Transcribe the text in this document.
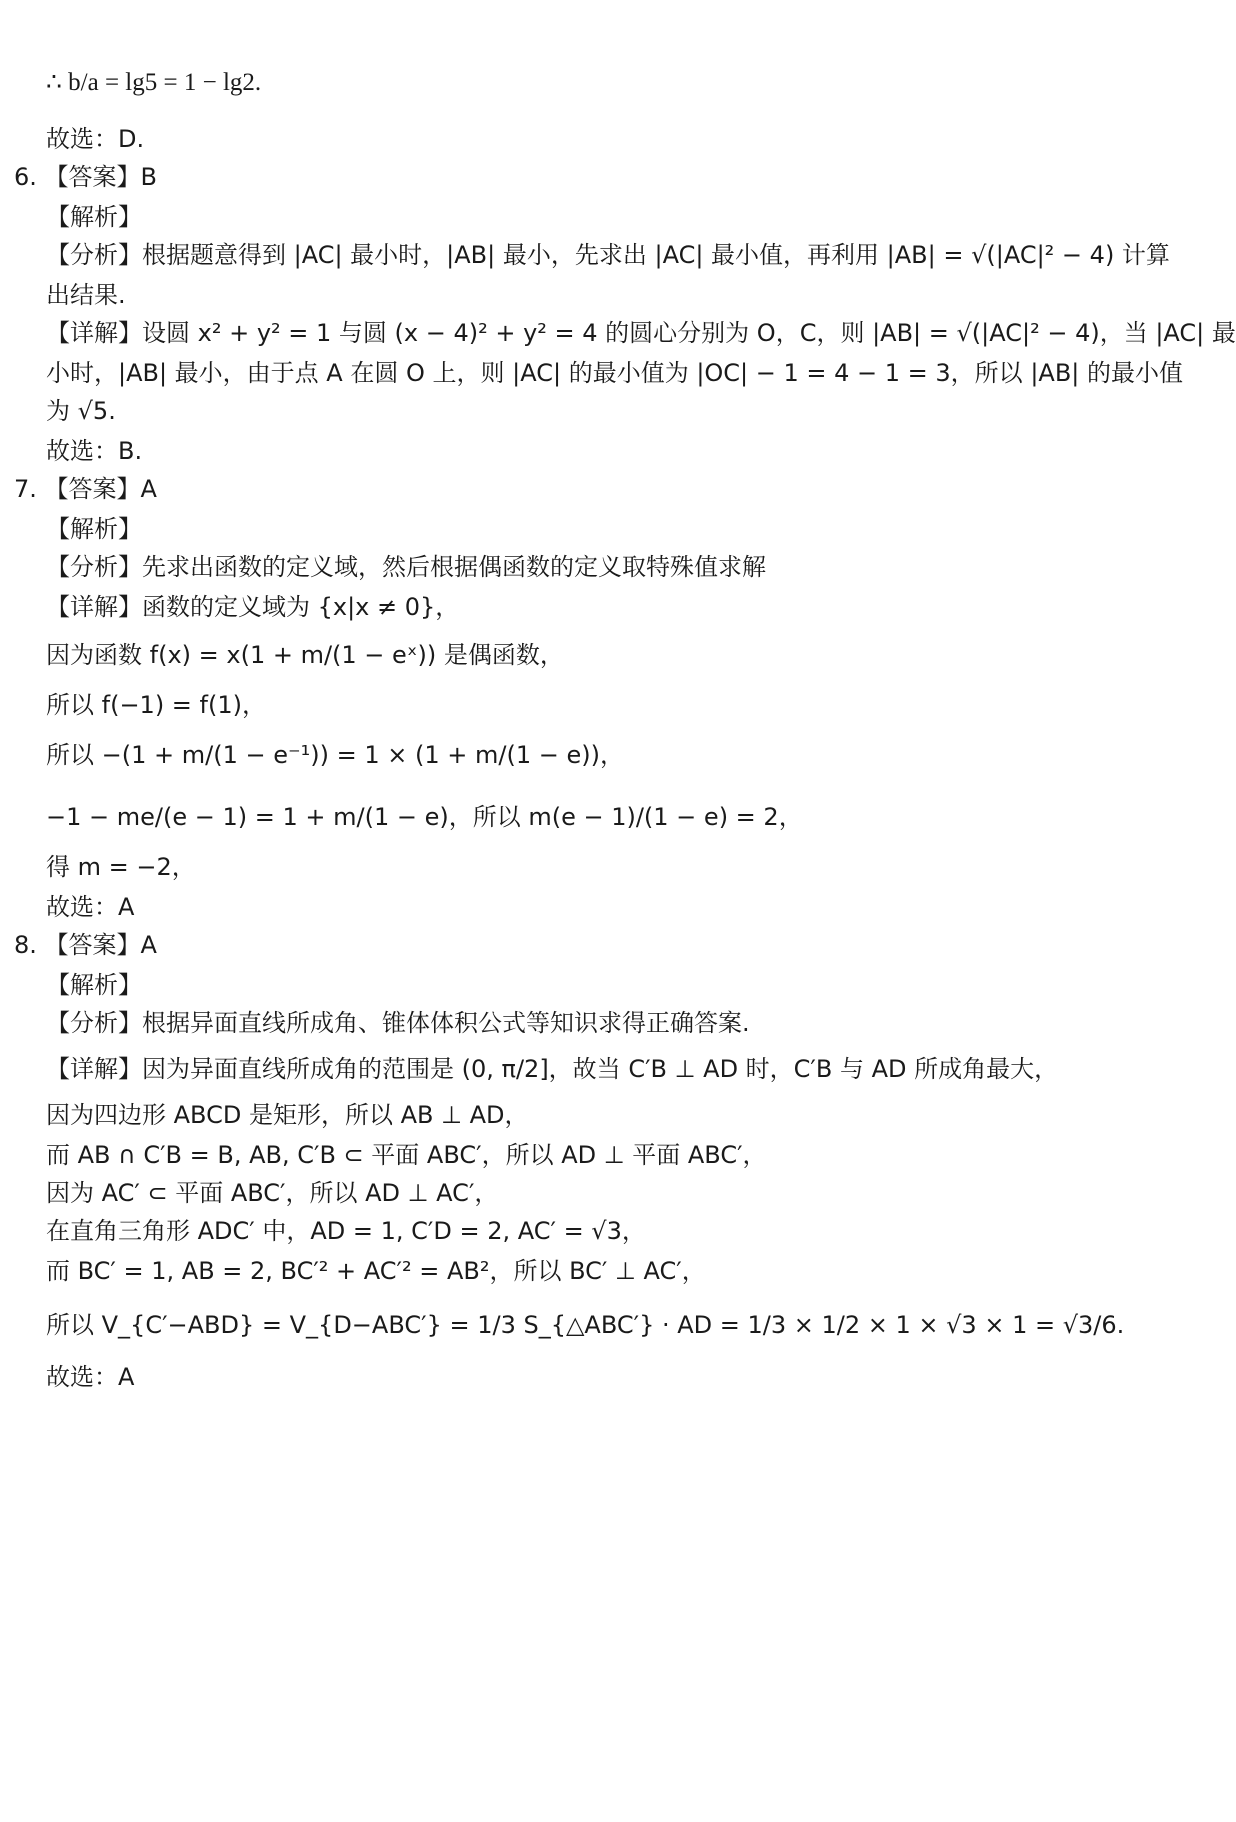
∴ b/a = lg5 = 1 − lg2.
故选：D.
6. 【答案】B
【解析】
【分析】根据题意得到 |AC| 最小时，|AB| 最小，先求出 |AC| 最小值，再利用 |AB| = √(|AC|² − 4) 计算
出结果.
【详解】设圆 x² + y² = 1 与圆 (x − 4)² + y² = 4 的圆心分别为 O，C，则 |AB| = √(|AC|² − 4)，当 |AC| 最
小时，|AB| 最小，由于点 A 在圆 O 上，则 |AC| 的最小值为 |OC| − 1 = 4 − 1 = 3，所以 |AB| 的最小值
为 √5.
故选：B.
7. 【答案】A
【解析】
【分析】先求出函数的定义域，然后根据偶函数的定义取特殊值求解
【详解】函数的定义域为 {x|x ≠ 0}，
因为函数 f(x) = x(1 + m/(1 − eˣ)) 是偶函数，
所以 f(−1) = f(1)，
所以 −(1 + m/(1 − e⁻¹)) = 1 × (1 + m/(1 − e))，
−1 − me/(e − 1) = 1 + m/(1 − e)，所以 m(e − 1)/(1 − e) = 2，
得 m = −2，
故选：A
8. 【答案】A
【解析】
【分析】根据异面直线所成角、锥体体积公式等知识求得正确答案.
【详解】因为异面直线所成角的范围是 (0, π/2]，故当 C′B ⊥ AD 时，C′B 与 AD 所成角最大，
因为四边形 ABCD 是矩形，所以 AB ⊥ AD，
而 AB ∩ C′B = B, AB, C′B ⊂ 平面 ABC′，所以 AD ⊥ 平面 ABC′，
因为 AC′ ⊂ 平面 ABC′，所以 AD ⊥ AC′，
在直角三角形 ADC′ 中，AD = 1, C′D = 2, AC′ = √3，
而 BC′ = 1, AB = 2, BC′² + AC′² = AB²，所以 BC′ ⊥ AC′，
所以 V_{C′−ABD} = V_{D−ABC′} = 1/3 S_{△ABC′} · AD = 1/3 × 1/2 × 1 × √3 × 1 = √3/6.
故选：A
